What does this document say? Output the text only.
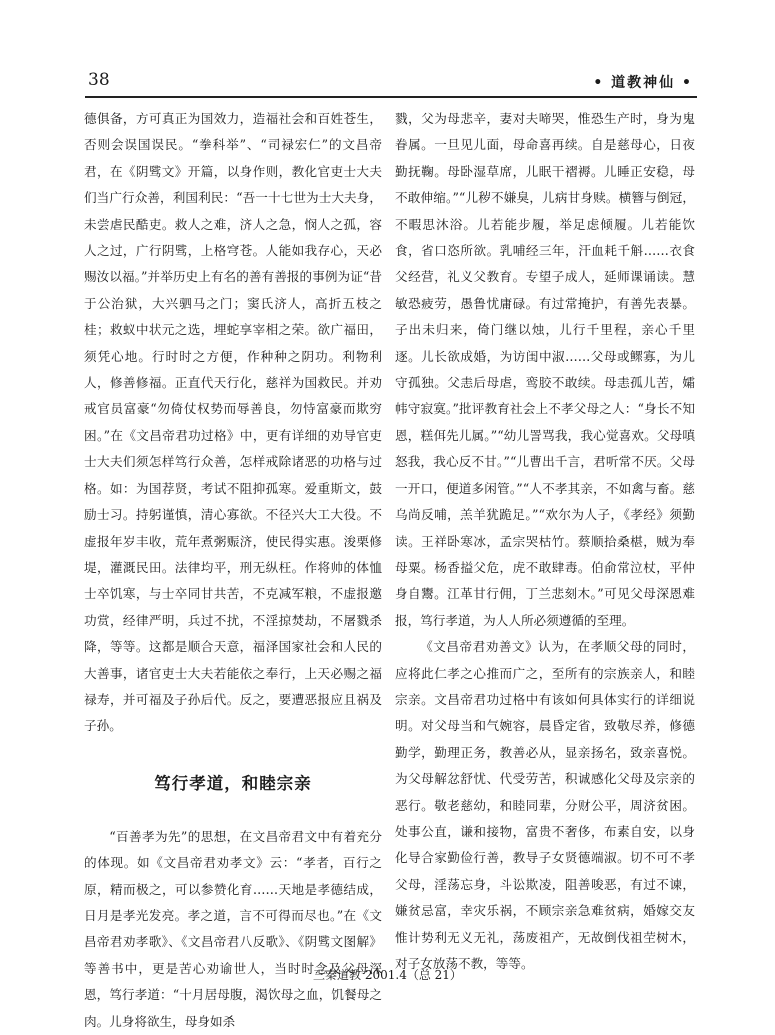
38	• 道教神仙 •

德俱备，方可真正为国效力，造福社会和百姓苍生，否则会误国误民。“拳科举”、“司禄宏仁”的文昌帝君，在《阴骘文》开篇，以身作则，教化官吏士大夫们当广行众善，利国利民：“吾一十七世为士大夫身，未尝虐民酷吏。救人之难，济人之急，悯人之孤，容人之过，广行阴骘，上格穹苍。人能如我存心，天必赐汝以福。”并举历史上有名的善有善报的事例为证“昔于公治狱，大兴驷马之门；窦氏济人，高折五枝之桂；救蚁中状元之选，埋蛇享宰相之荣。欲广福田，须凭心地。行时时之方便，作种种之阴功。利物利人，修善修福。正直代天行化，慈祥为国救民。并劝戒官员富豪“勿倚仗权势而辱善良，勿恃富豪而欺穷困。”在《文昌帝君功过格》中，更有详细的劝导官吏士大夫们须怎样笃行众善，怎样戒除诸恶的功格与过格。如：为国荐贤，考试不阻抑孤寒。爱重斯文，鼓励士习。持躬谨慎，清心寡欲。不径兴大工大役。不虚报年岁丰收，荒年煮粥赈济，使民得实惠。浚栗修堤，灌溉民田。法律均平，刑无纵枉。作将帅的体恤士卒饥寒，与士卒同甘共苦，不克减军粮，不虚报邀功赏，经律严明，兵过不扰，不淫掠焚劫，不屠戮杀降，等等。这都是顺合天意，福泽国家社会和人民的大善事，诸官吏士大夫若能依之奉行，上天必赐之福禄寿，并可福及子孙后代。反之，要遭恶报应且祸及子孙。

笃行孝道，和睦宗亲

“百善孝为先”的思想，在文昌帝君文中有着充分的体现。如《文昌帝君劝孝文》云：“孝者，百行之原，精而极之，可以参赞化育……天地是孝德结成，日月是孝光发亮。孝之道，言不可得而尽也。”在《文昌帝君劝孝歌》、《文昌帝君八反歌》、《阴骘文图解》等善书中，更是苦心劝谕世人，当时时念及父母深恩，笃行孝道：“十月居母腹，渴饮母之血，饥餐母之肉。儿身将欲生，母身如杀

戮，父为母悲辛，妻对夫啼哭，惟恐生产时，身为鬼眷属。一旦见儿面，母命喜再续。自是慈母心，日夜勤抚鞠。母卧湿草席，儿眠干褶褥。儿睡正安稳，母不敢伸缩。”“儿秽不嫌臭，儿病甘身赎。横簪与倒冠，不暇思沐浴。儿若能步履，举足虑倾履。儿若能饮食，省口恣所欲。乳哺经三年，汗血耗千斛……衣食父经营，礼义父教育。专望子成人，延师课诵读。慧敏恐疲劳，愚鲁忧庸碌。有过常掩护，有善先表暴。子出未归来，倚门继以烛，儿行千里程，亲心千里逐。儿长欲成婚，为访闺中淑……父母或鳏寡，为儿守孤独。父恚后母虐，鸾胶不敢续。母恚孤儿苦，孀帏守寂寞。”批评教育社会上不孝父母之人：“身长不知恩，糕佴先儿属。”“幼儿詈骂我，我心觉喜欢。父母嗔怒我，我心反不甘。”“儿曹出千言，君听常不厌。父母一开口，便道多闲管。”“人不孝其亲，不如禽与畜。慈乌尚反哺，羔羊犹跪足。”“欢尔为人子，《孝经》须勤读。王祥卧寒冰，孟宗哭枯竹。蔡顺拾桑椹，贼为奉母粟。杨香搤父危，虎不敢肆毒。伯俞常泣杖，平仲身自鬻。江革甘行佣，丁兰悲刻木。”可见父母深恩难报，笃行孝道，为人人所必须遵循的至理。

《文昌帝君劝善文》认为，在孝顺父母的同时，应将此仁孝之心推而广之，至所有的宗族亲人，和睦宗亲。文昌帝君功过格中有该如何具体实行的详细说明。对父母当和气婉容，晨昏定省，致敬尽养，修德勤学，勤理正务，教善必从，显亲扬名，致亲喜悦。为父母解忿舒忧、代受劳苦，积诚感化父母及宗亲的恶行。敬老慈幼，和睦同辈，分财公平，周济贫困。处事公直，谦和接物，富贵不奢侈，布素自安，以身化导合家勤俭行善，教导子女贤德端淑。切不可不孝父母，淫荡忘身，斗讼欺凌，阻善唆恶，有过不谏，嫌贫忌富，幸灾乐祸，不顾宗亲急难贫病，婚嫁交友惟计势利无义无礼，荡废祖产，无故倒伐祖茔树木，对子女放荡不教，等等。

三秦道教 2001.4（总 21）
